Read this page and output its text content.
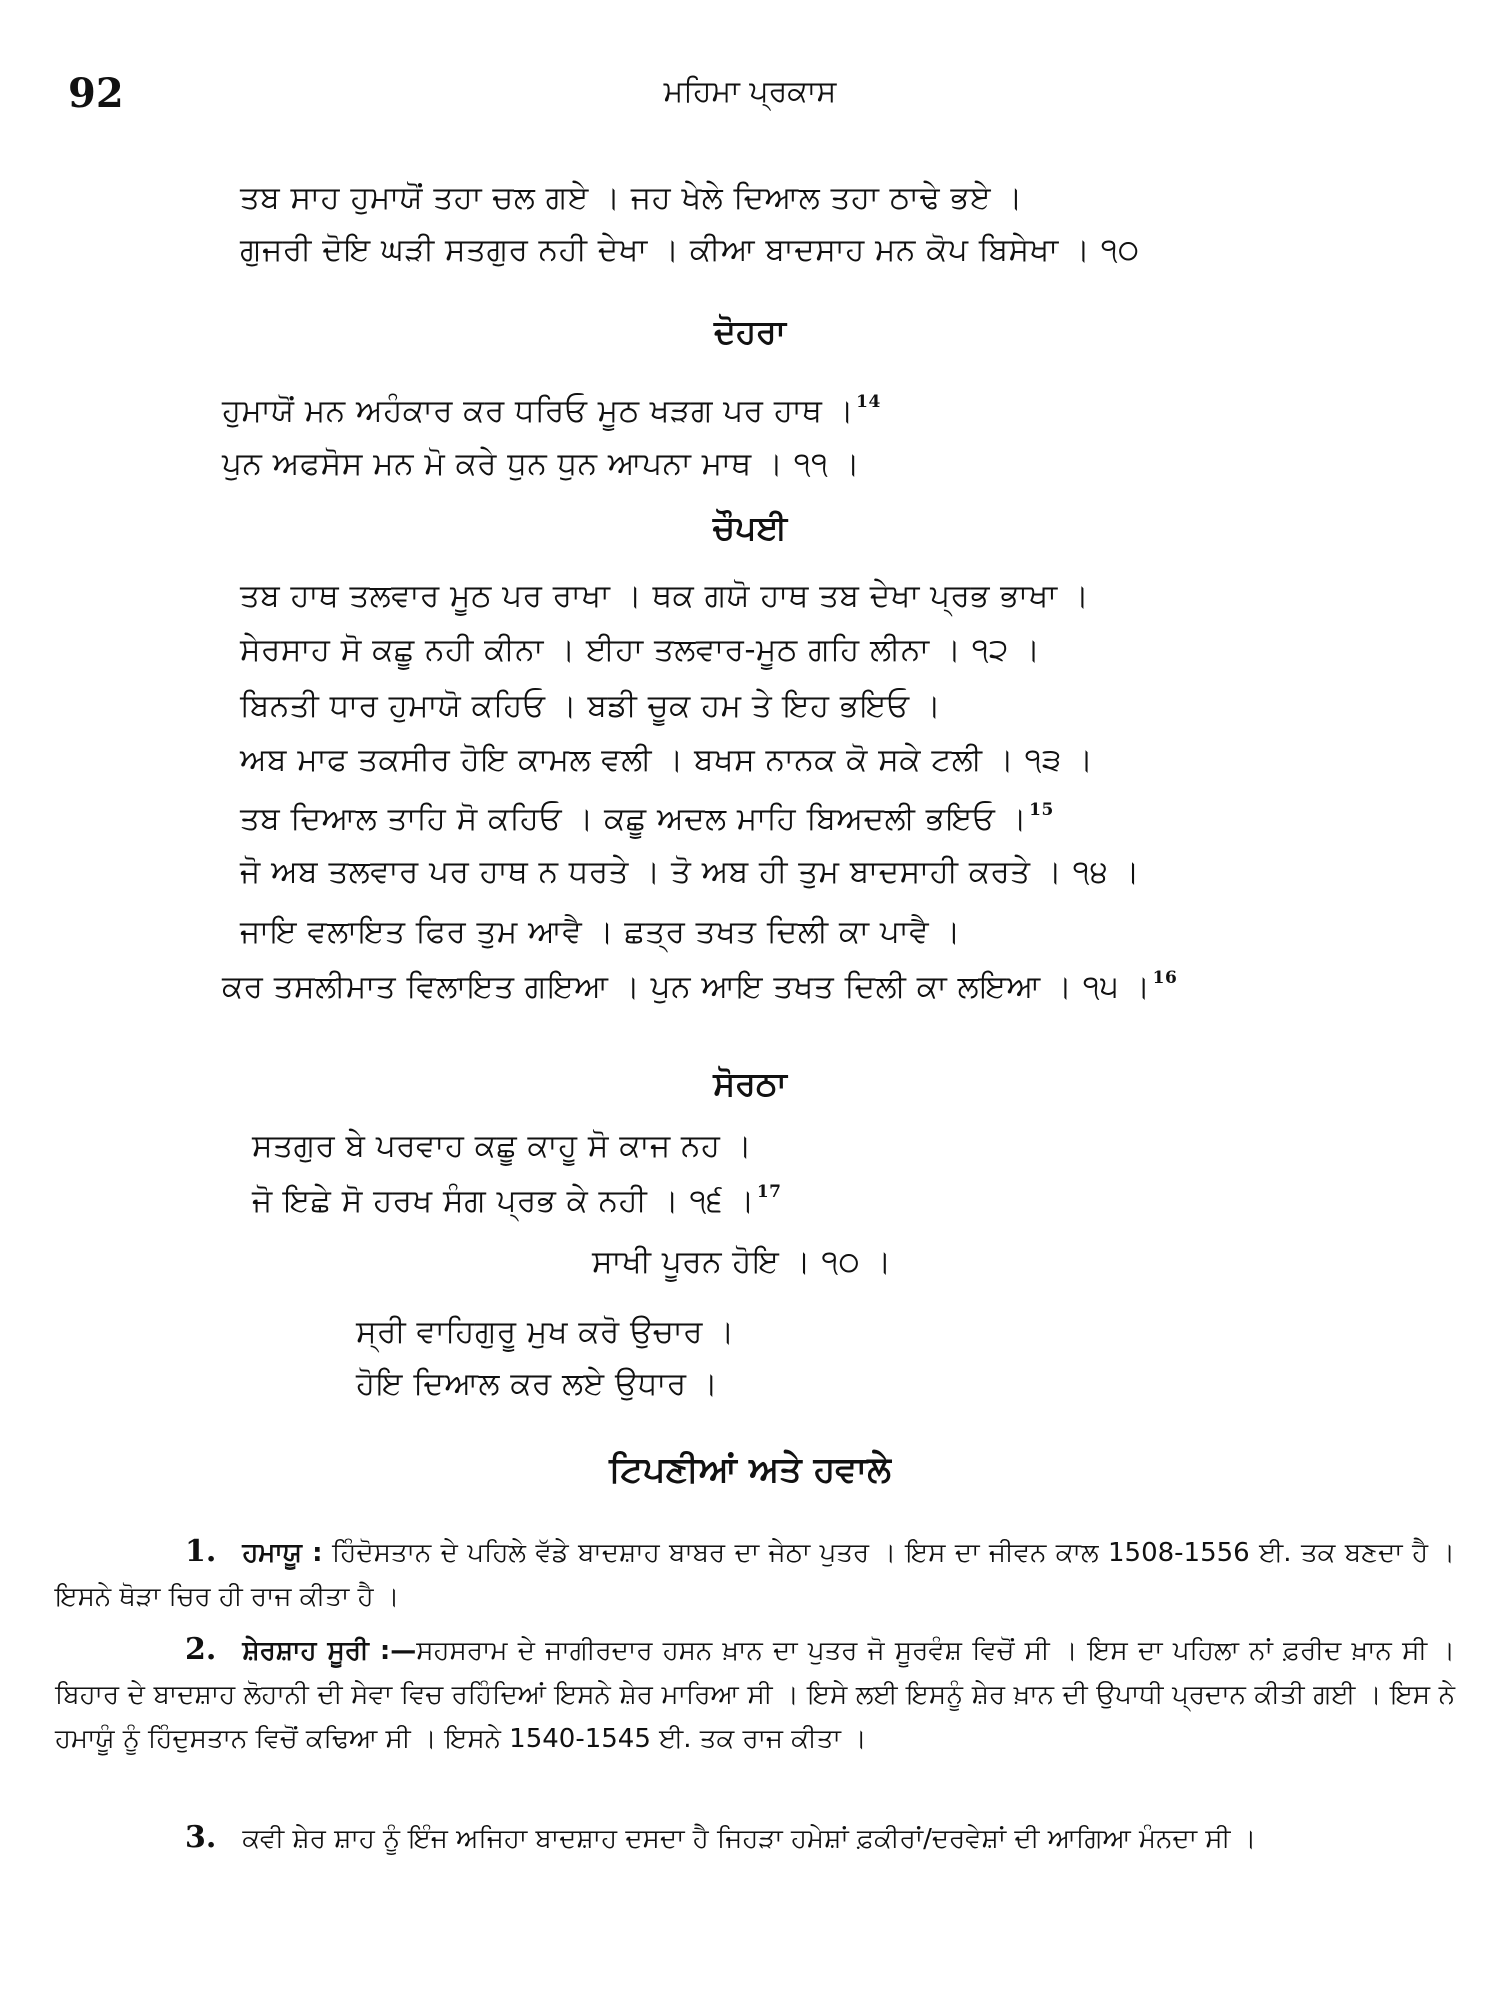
92	ਮਹਿਮਾ ਪ੍ਰਕਾਸ
ਤਬ ਸਾਹ ਹੁਮਾਯੋਂ ਤਹਾ ਚਲ ਗਏ । ਜਹ ਖੇਲੇ ਦਿਆਲ ਤਹਾ ਠਾਢੇ ਭਏ ।
ਗੁਜਰੀ ਦੋਇ ਘੜੀ ਸਤਗੁਰ ਨਹੀ ਦੇਖਾ । ਕੀਆ ਬਾਦਸਾਹ ਮਨ ਕੋਪ ਬਿਸੇਖਾ । ੧੦
ਦੋਹਰਾ
ਹੁਮਾਯੋਂ ਮਨ ਅਹੰਕਾਰ ਕਰ ਧਰਿਓ ਮੂਠ ਖੜਗ ਪਰ ਹਾਥ । $^{14}$
ਪੁਨ ਅਫਸੋਸ ਮਨ ਮੋ ਕਰੇ ਧੁਨ ਧੁਨ ਆਪਨਾ ਮਾਥ । ੧੧ ।
ਚੌਪਈ
ਤਬ ਹਾਥ ਤਲਵਾਰ ਮੂਠ ਪਰ ਰਾਖਾ । ਥਕ ਗਯੋ ਹਾਥ ਤਬ ਦੇਖਾ ਪ੍ਰਭ ਭਾਖਾ ।
ਸੇਰਸਾਹ ਸੋ ਕਛੂ ਨਹੀ ਕੀਨਾ । ਈਹਾ ਤਲਵਾਰ-ਮੂਠ ਗਹਿ ਲੀਨਾ । ੧੨ ।
ਬਿਨਤੀ ਧਾਰ ਹੁਮਾਯੋ ਕਹਿਓ । ਬਡੀ ਚੂਕ ਹਮ ਤੇ ਇਹ ਭਇਓ ।
ਅਬ ਮਾਫ ਤਕਸੀਰ ਹੋਇ ਕਾਮਲ ਵਲੀ । ਬਖਸ ਨਾਨਕ ਕੋ ਸਕੇ ਟਲੀ । ੧੩ ।
ਤਬ ਦਿਆਲ ਤਾਹਿ ਸੋ ਕਹਿਓ । ਕਛੂ ਅਦਲ ਮਾਹਿ ਬਿਅਦਲੀ ਭਇਓ । $^{15}$
ਜੋ ਅਬ ਤਲਵਾਰ ਪਰ ਹਾਥ ਨ ਧਰਤੇ । ਤੋ ਅਬ ਹੀ ਤੁਮ ਬਾਦਸਾਹੀ ਕਰਤੇ । ੧੪ ।
ਜਾਇ ਵਲਾਇਤ ਫਿਰ ਤੁਮ ਆਵੈ । ਛਤ੍ਰ ਤਖਤ ਦਿਲੀ ਕਾ ਪਾਵੈ ।
ਕਰ ਤਸਲੀਮਾਤ ਵਿਲਾਇਤ ਗਇਆ । ਪੁਨ ਆਇ ਤਖਤ ਦਿਲੀ ਕਾ ਲਇਆ । ੧੫ । $^{16}$
ਸੋਰਠਾ
ਸਤਗੁਰ ਬੇ ਪਰਵਾਹ ਕਛੂ ਕਾਹੂ ਸੋ ਕਾਜ ਨਹ ।
ਜੋ ਇਛੇ ਸੋ ਹਰਖ ਸੰਗ ਪ੍ਰਭ ਕੇ ਨਹੀ । ੧੬ । $^{17}$
ਸਾਖੀ ਪੂਰਨ ਹੋਇ । ੧੦ ।
ਸ੍ਰੀ ਵਾਹਿਗੁਰੂ ਮੁਖ ਕਰੋ ਉਚਾਰ ।
ਹੋਇ ਦਿਆਲ ਕਰ ਲਏ ਉਧਾਰ ।
ਟਿਪਣੀਆਂ ਅਤੇ ਹਵਾਲੇ
1. ਹਮਾਯੂ : ਹਿੰਦੋਸਤਾਨ ਦੇ ਪਹਿਲੇ ਵੱਡੇ ਬਾਦਸ਼ਾਹ ਬਾਬਰ ਦਾ ਜੇਠਾ ਪੁਤਰ । ਇਸ ਦਾ ਜੀਵਨ ਕਾਲ 1508-1556 ਈ. ਤਕ ਬਣਦਾ ਹੈ । ਇਸਨੇ ਥੋੜਾ ਚਿਰ ਹੀ ਰਾਜ ਕੀਤਾ ਹੈ ।
2. ਸ਼ੇਰਸ਼ਾਹ ਸੂਰੀ :—ਸਹਸਰਾਮ ਦੇ ਜਾਗੀਰਦਾਰ ਹਸਨ ਖ਼ਾਨ ਦਾ ਪੁਤਰ ਜੋ ਸੂਰਵੰਸ਼ ਵਿਚੋਂ ਸੀ । ਇਸ ਦਾ ਪਹਿਲਾ ਨਾਂ ਫ਼ਰੀਦ ਖ਼ਾਨ ਸੀ । ਬਿਹਾਰ ਦੇ ਬਾਦਸ਼ਾਹ ਲੋਹਾਨੀ ਦੀ ਸੇਵਾ ਵਿਚ ਰਹਿੰਦਿਆਂ ਇਸਨੇ ਸ਼ੇਰ ਮਾਰਿਆ ਸੀ । ਇਸੇ ਲਈ ਇਸਨੂੰ ਸ਼ੇਰ ਖ਼ਾਨ ਦੀ ਉਪਾਧੀ ਪ੍ਰਦਾਨ ਕੀਤੀ ਗਈ । ਇਸ ਨੇ ਹਮਾਯੂੰ ਨੂੰ ਹਿੰਦੁਸਤਾਨ ਵਿਚੋਂ ਕਢਿਆ ਸੀ । ਇਸਨੇ 1540-1545 ਈ. ਤਕ ਰਾਜ ਕੀਤਾ ।
3. ਕਵੀ ਸ਼ੇਰ ਸ਼ਾਹ ਨੂੰ ਇੰਜ ਅਜਿਹਾ ਬਾਦਸ਼ਾਹ ਦਸਦਾ ਹੈ ਜਿਹੜਾ ਹਮੇਸ਼ਾਂ ਫ਼ਕੀਰਾਂ/ਦਰਵੇਸ਼ਾਂ ਦੀ ਆਗਿਆ ਮੰਨਦਾ ਸੀ ।
